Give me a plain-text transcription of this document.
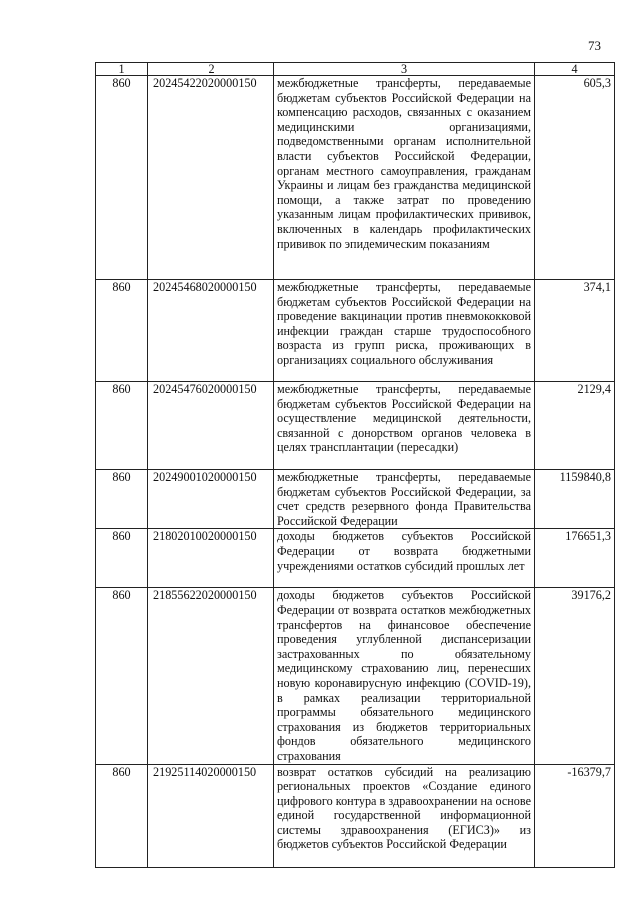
73
1	2	3	4
860	20245422020000150	межбюджетные трансферты, передаваемые бюджетам субъектов Российской Федерации на компенсацию расходов, связанных с оказанием медицинскими организациями, подведомственными органам исполнительной власти субъектов Российской Федерации, органам местного самоуправления, гражданам Украины и лицам без гражданства медицинской помощи, а также затрат по проведению указанным лицам профилактических прививок, включенных в календарь профилактических прививок по эпидемическим показаниям	605,3
860	20245468020000150	межбюджетные трансферты, передаваемые бюджетам субъектов Российской Федерации на проведение вакцинации против пневмококковой инфекции граждан старше трудоспособного возраста из групп риска, проживающих в организациях социального обслуживания	374,1
860	20245476020000150	межбюджетные трансферты, передаваемые бюджетам субъектов Российской Федерации на осуществление медицинской деятельности, связанной с донорством органов человека в целях трансплантации (пересадки)	2129,4
860	20249001020000150	межбюджетные трансферты, передаваемые бюджетам субъектов Российской Федерации, за счет средств резервного фонда Правительства Российской Федерации	1159840,8
860	21802010020000150	доходы бюджетов субъектов Российской Федерации от возврата бюджетными учреждениями остатков субсидий прошлых лет	176651,3
860	21855622020000150	доходы бюджетов субъектов Российской Федерации от возврата остатков межбюджетных трансфертов на финансовое обеспечение проведения углубленной диспансеризации застрахованных по обязательному медицинскому страхованию лиц, перенесших новую коронавирусную инфекцию (COVID-19), в рамках реализации территориальной программы обязательного медицинского страхования из бюджетов территориальных фондов обязательного медицинского страхования	39176,2
860	21925114020000150	возврат остатков субсидий на реализацию региональных проектов «Создание единого цифрового контура в здравоохранении на основе единой государственной информационной системы здравоохранения (ЕГИСЗ)» из бюджетов субъектов Российской Федерации	-16379,7
